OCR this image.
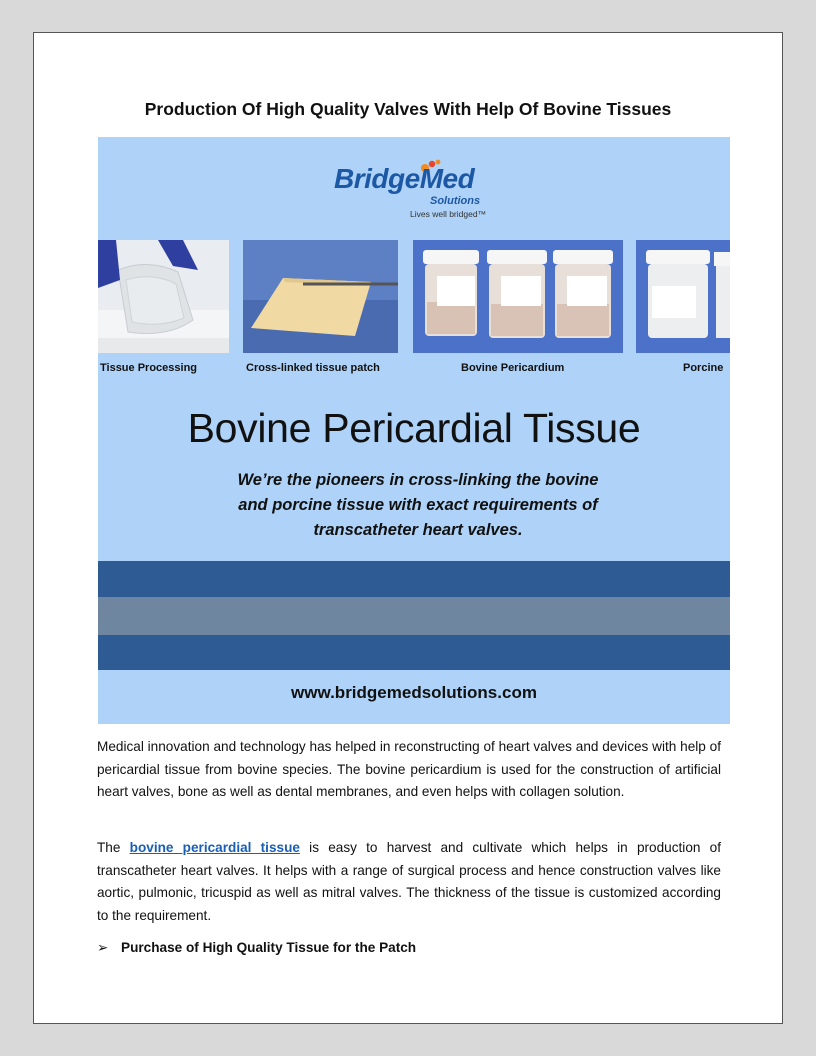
Production Of High Quality Valves With Help Of Bovine Tissues
BridgeMed
Solutions
Lives well bridged™
Tissue Processing	Cross-linked tissue patch	Bovine Pericardium	Porcine
Bovine Pericardial Tissue
We’re the pioneers in cross-linking the bovine
and porcine tissue with exact requirements of
transcatheter heart valves.
www.bridgemedsolutions.com

Medical innovation and technology has helped in reconstructing of heart valves and devices with help of pericardial tissue from bovine species. The bovine pericardium is used for the construction of artificial heart valves, bone as well as dental membranes, and even helps with collagen solution.

The bovine pericardial tissue is easy to harvest and cultivate which helps in production of transcatheter heart valves. It helps with a range of surgical process and hence construction valves like aortic, pulmonic, tricuspid as well as mitral valves. The thickness of the tissue is customized according to the requirement.

➢ Purchase of High Quality Tissue for the Patch
